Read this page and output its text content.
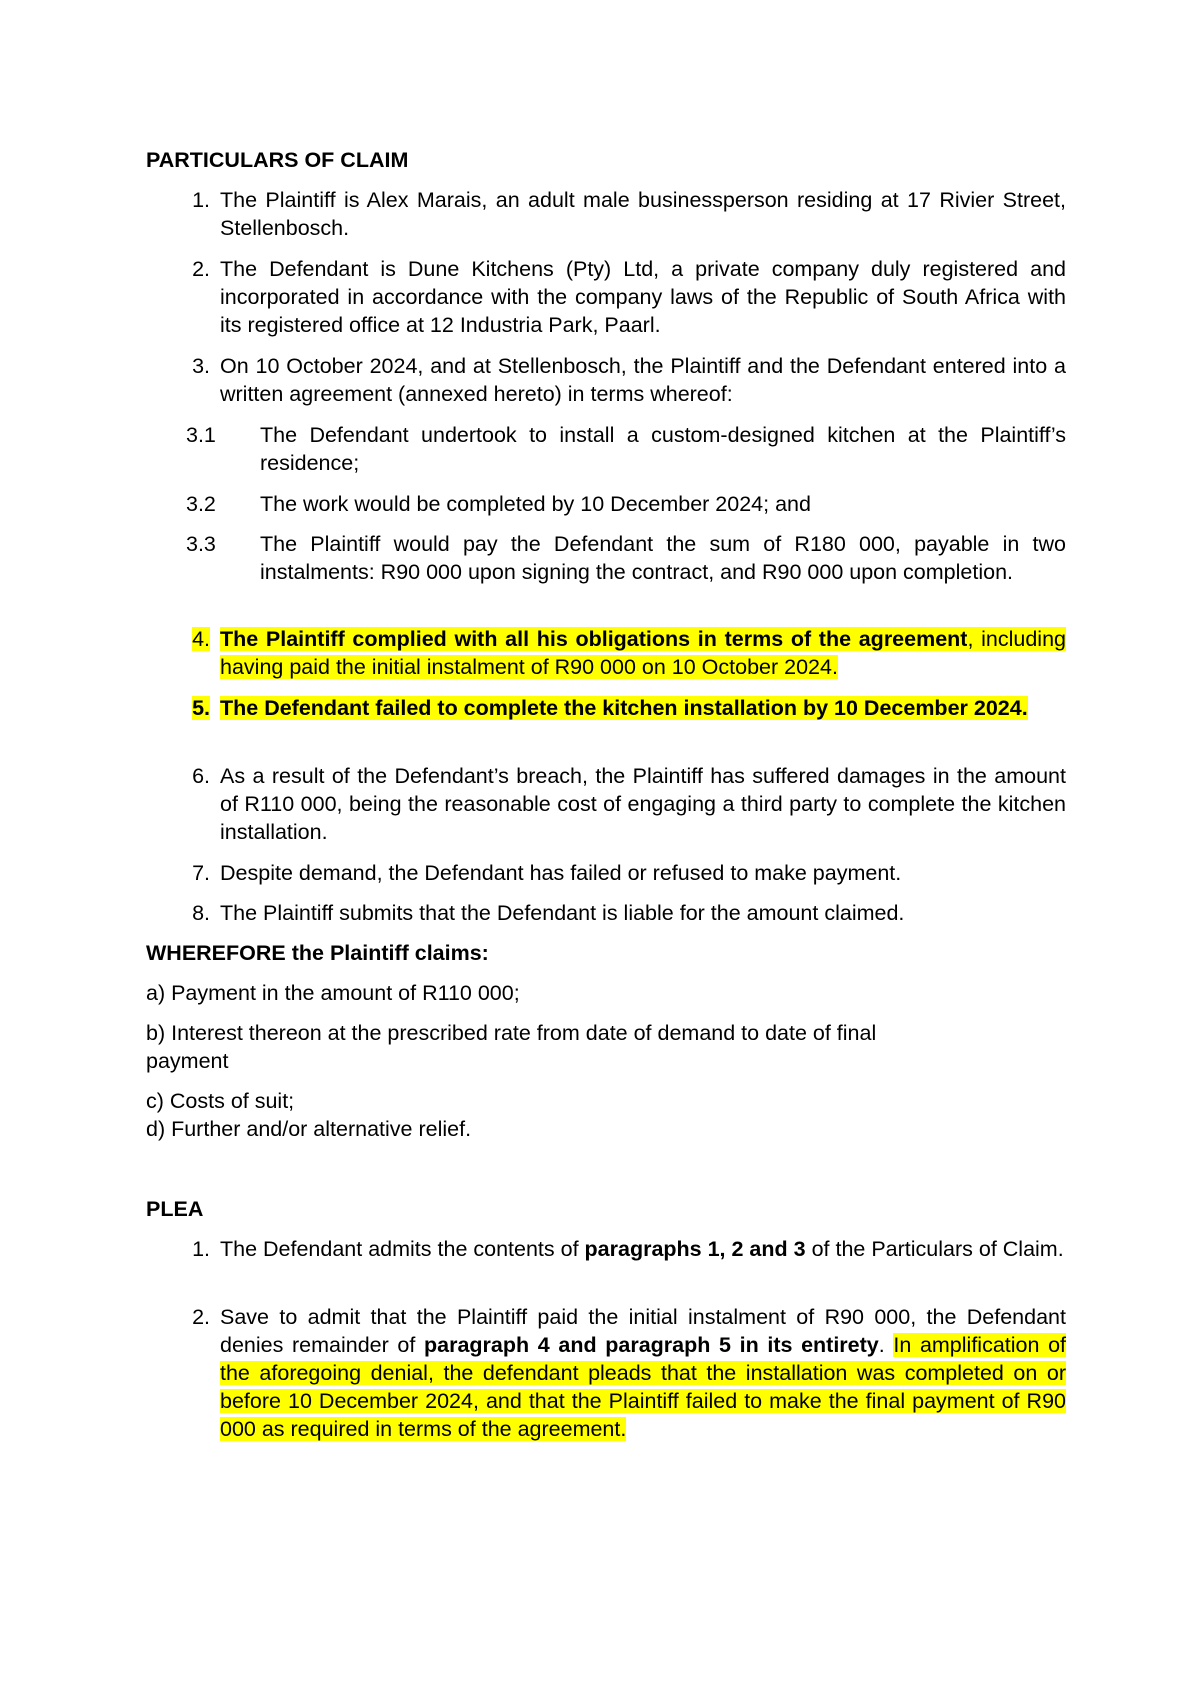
PARTICULARS OF CLAIM
1. The Plaintiff is Alex Marais, an adult male businessperson residing at 17 Rivier Street, Stellenbosch.
2. The Defendant is Dune Kitchens (Pty) Ltd, a private company duly registered and incorporated in accordance with the company laws of the Republic of South Africa with its registered office at 12 Industria Park, Paarl.
3. On 10 October 2024, and at Stellenbosch, the Plaintiff and the Defendant entered into a written agreement (annexed hereto) in terms whereof:
3.1	The Defendant undertook to install a custom-designed kitchen at the Plaintiff’s residence;
3.2	The work would be completed by 10 December 2024; and
3.3	The Plaintiff would pay the Defendant the sum of R180 000, payable in two instalments: R90 000 upon signing the contract, and R90 000 upon completion.
4. The Plaintiff complied with all his obligations in terms of the agreement, including having paid the initial instalment of R90 000 on 10 October 2024.
5. The Defendant failed to complete the kitchen installation by 10 December 2024.
6. As a result of the Defendant’s breach, the Plaintiff has suffered damages in the amount of R110 000, being the reasonable cost of engaging a third party to complete the kitchen installation.
7. Despite demand, the Defendant has failed or refused to make payment.
8. The Plaintiff submits that the Defendant is liable for the amount claimed.
WHEREFORE the Plaintiff claims:
a) Payment in the amount of R110 000;
b) Interest thereon at the prescribed rate from date of demand to date of final
payment
c) Costs of suit;
d) Further and/or alternative relief.
PLEA
1. The Defendant admits the contents of paragraphs 1, 2 and 3 of the Particulars of Claim.
2. Save to admit that the Plaintiff paid the initial instalment of R90 000, the Defendant denies remainder of paragraph 4 and paragraph 5 in its entirety. In amplification of the aforegoing denial, the defendant pleads that the installation was completed on or before 10 December 2024, and that the Plaintiff failed to make the final payment of R90 000 as required in terms of the agreement.
